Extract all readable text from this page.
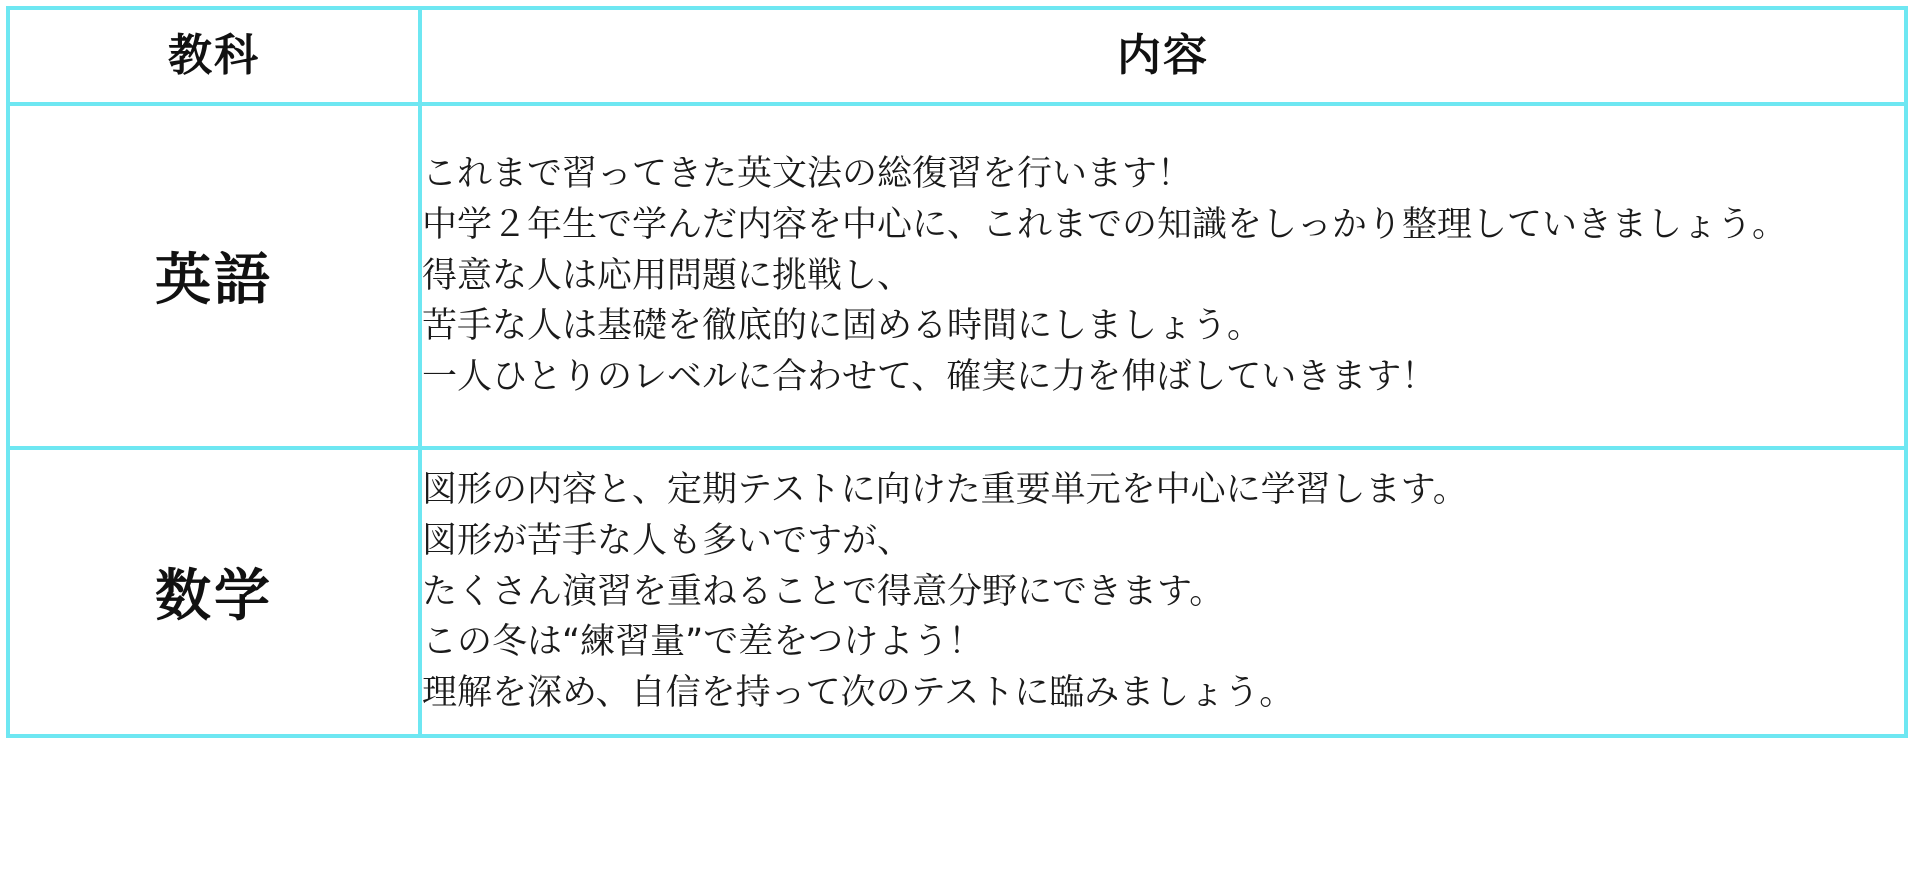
教科	内容
英語	これまで習ってきた英文法の総復習を行います！
中学２年生で学んだ内容を中心に、これまでの知識をしっかり整理していきましょう。
得意な人は応用問題に挑戦し、
苦手な人は基礎を徹底的に固める時間にしましょう。
一人ひとりのレベルに合わせて、確実に力を伸ばしていきます！

数学	図形の内容と、定期テストに向けた重要単元を中心に学習します。
図形が苦手な人も多いですが、
たくさん演習を重ねることで得意分野にできます。
この冬は“練習量”で差をつけよう！
理解を深め、自信を持って次のテストに臨みましょう。
